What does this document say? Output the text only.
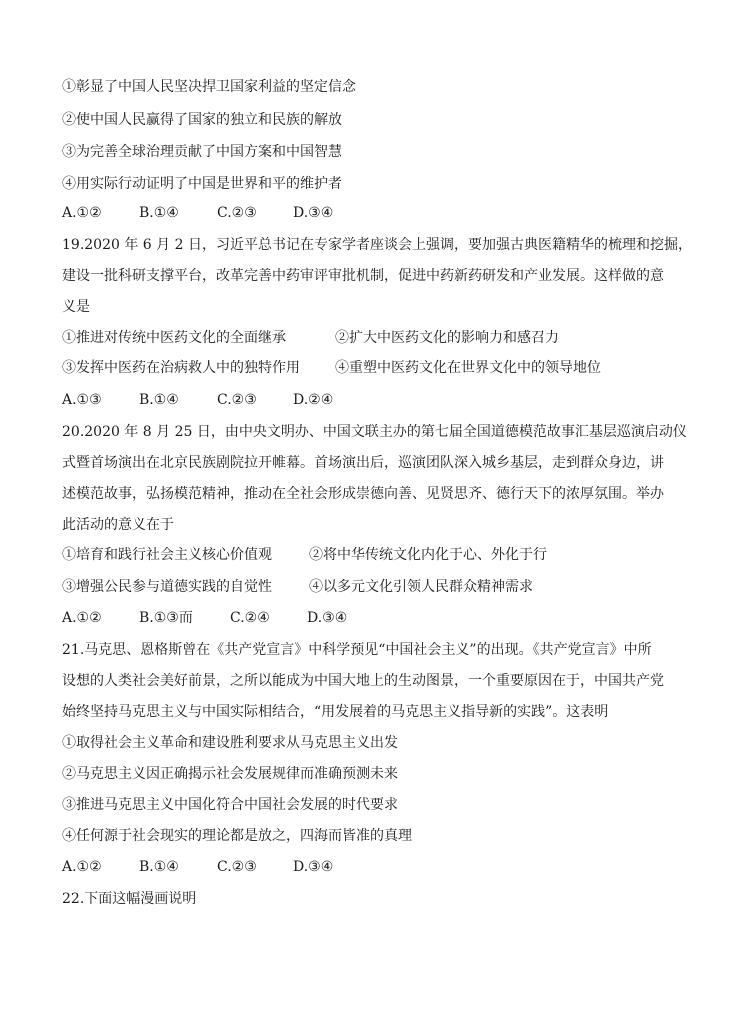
①彰显了中国人民坚决捍卫国家利益的坚定信念
②使中国人民赢得了国家的独立和民族的解放
③为完善全球治理贡献了中国方案和中国智慧
④用实际行动证明了中国是世界和平的维护者
A.①②	B.①④	C.②③	D.③④
19.2020 年 6 月 2 日，习近平总书记在专家学者座谈会上强调，要加强古典医籍精华的梳理和挖掘，
建设一批科研支撑平台，改革完善中药审评审批机制，促进中药新药研发和产业发展。这样做的意
义是
①推进对传统中医药文化的全面继承	②扩大中医药文化的影响力和感召力
③发挥中医药在治病救人中的独特作用	④重塑中医药文化在世界文化中的领导地位
A.①③	B.①④	C.②③	D.②④
20.2020 年 8 月 25 日，由中央文明办、中国文联主办的第七届全国道德模范故事汇基层巡演启动仪
式暨首场演出在北京民族剧院拉开帷幕。首场演出后，巡演团队深入城乡基层，走到群众身边，讲
述模范故事，弘扬模范精神，推动在全社会形成崇德向善、见贤思齐、德行天下的浓厚氛围。举办
此活动的意义在于
①培育和践行社会主义核心价值观	②将中华传统文化内化于心、外化于行
③增强公民参与道德实践的自觉性	④以多元文化引领人民群众精神需求
A.①②	B.①③而	C.②④	D.③④
21.马克思、恩格斯曾在《共产党宣言》中科学预见“中国社会主义”的出现。《共产党宣言》中所
设想的人类社会美好前景，之所以能成为中国大地上的生动图景，一个重要原因在于，中国共产党
始终坚持马克思主义与中国实际相结合，“用发展着的马克思主义指导新的实践”。这表明
①取得社会主义革命和建设胜利要求从马克思主义出发
②马克思主义因正确揭示社会发展规律而准确预测未来
③推进马克思主义中国化符合中国社会发展的时代要求
④任何源于社会现实的理论都是放之，四海而皆准的真理
A.①②	B.①④	C.②③	D.③④
22.下面这幅漫画说明
